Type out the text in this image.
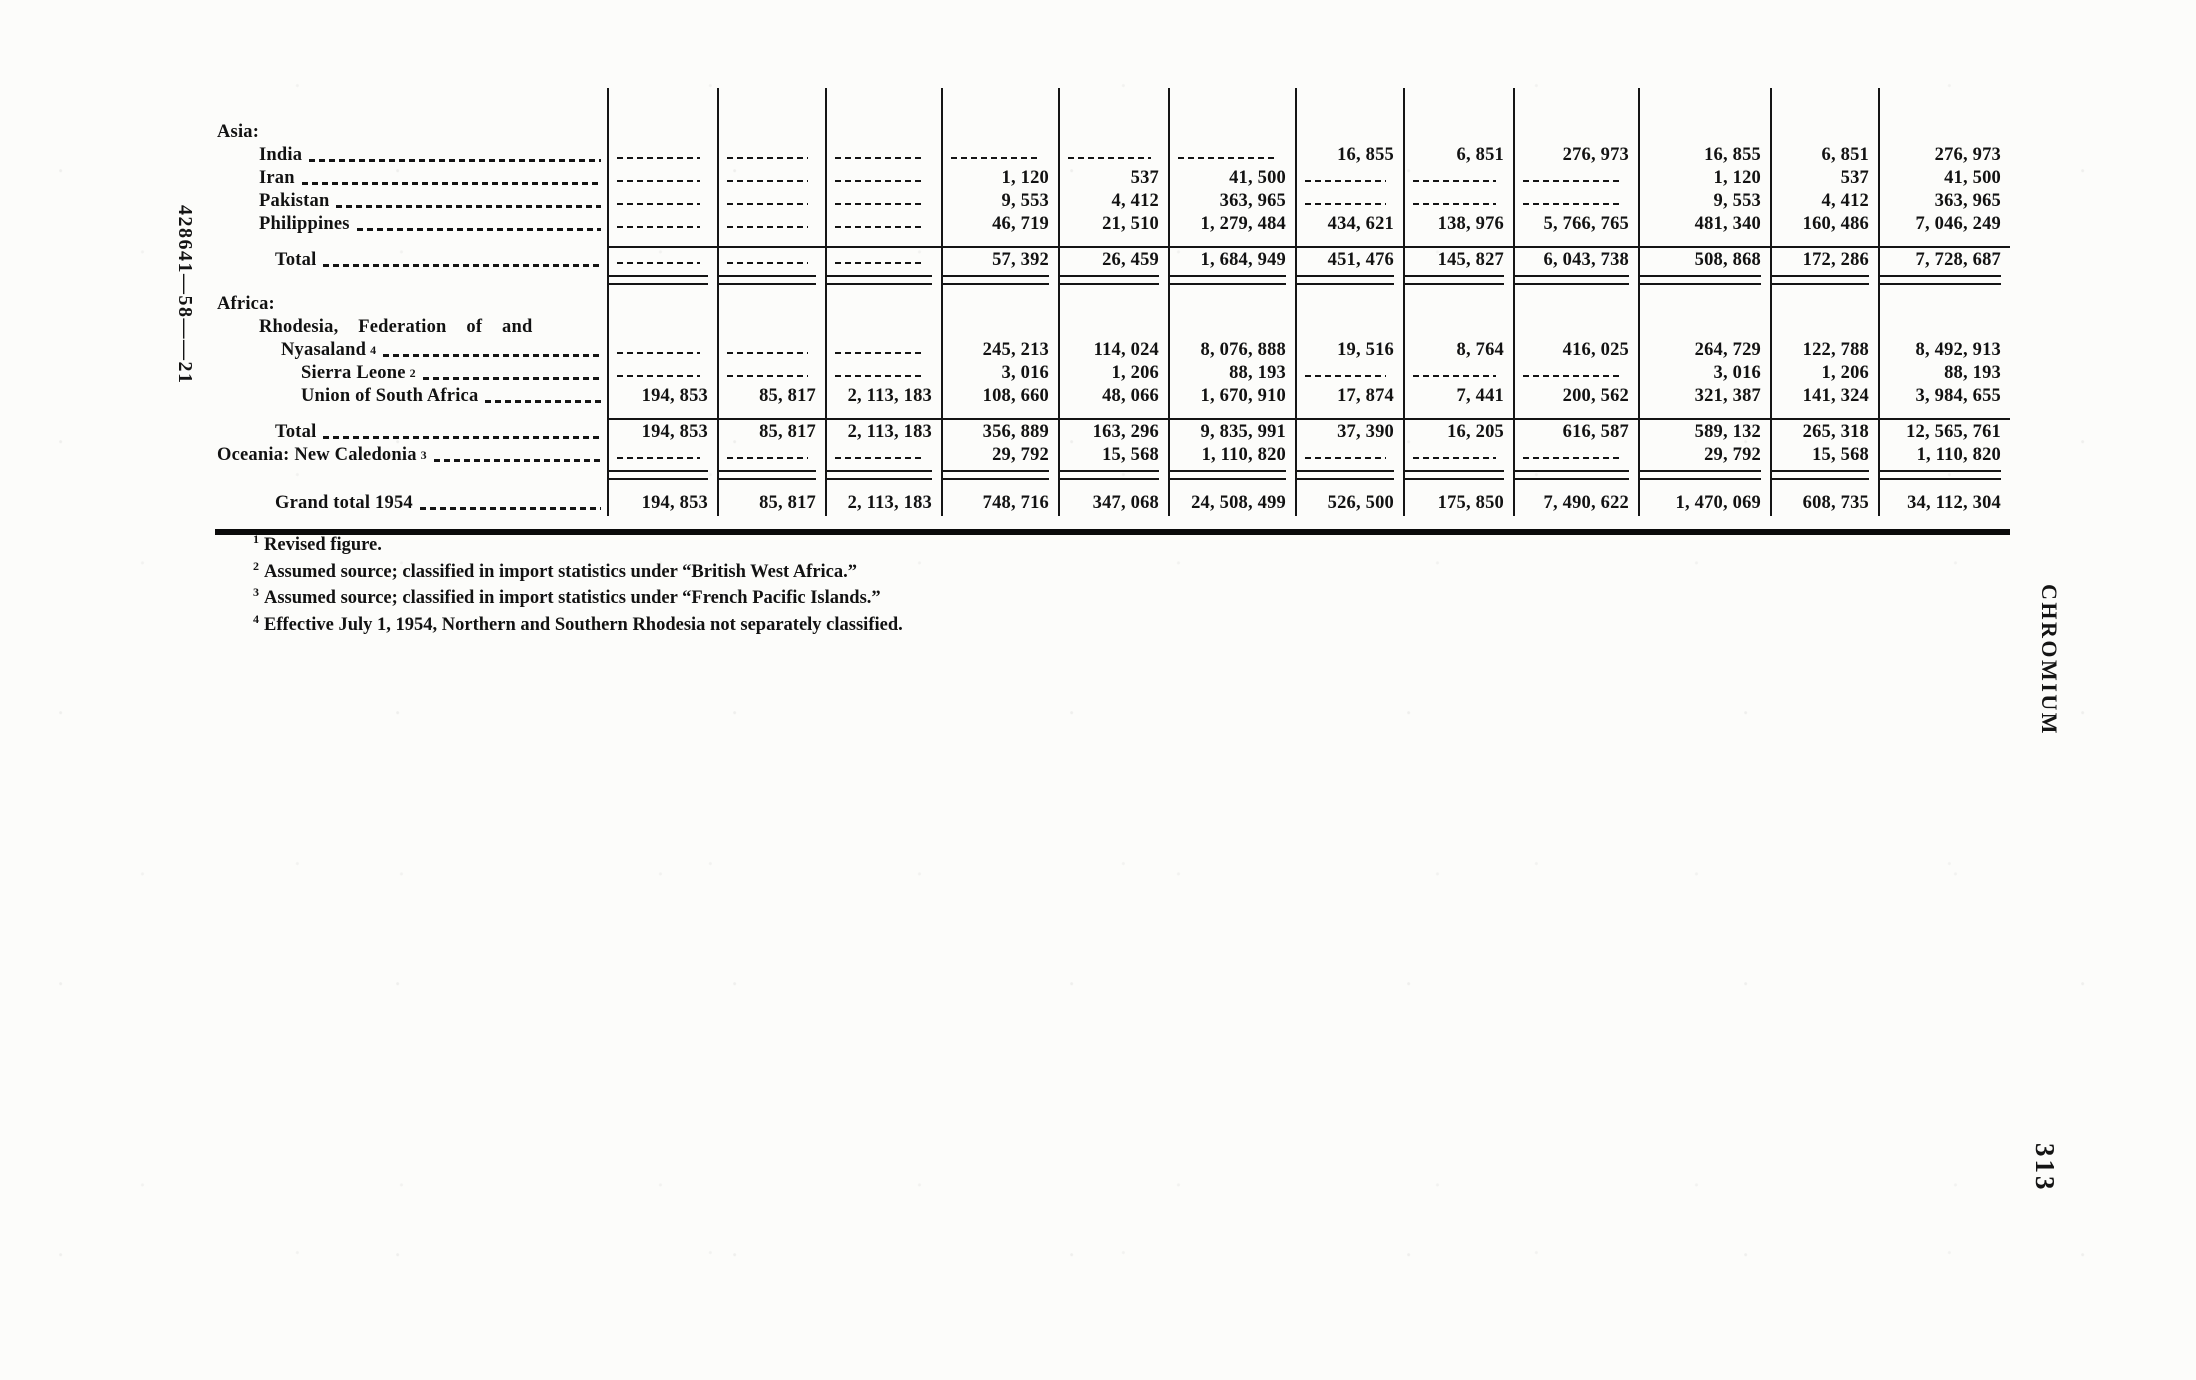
Asia:												

India							16, 855	6, 851	276, 973	16, 855	6, 851	276, 973

Iran				1, 120	537	41, 500				1, 120	537	41, 500

Pakistan				9, 553	4, 412	363, 965				9, 553	4, 412	363, 965

Philippines				46, 719	21, 510	1, 279, 484	434, 621	138, 976	5, 766, 765	481, 340	160, 486	7, 046, 249

Total				57, 392	26, 459	1, 684, 949	451, 476	145, 827	6, 043, 738	508, 868	172, 286	7, 728, 687

Africa:												

Rhodesia, Federation of and												

Nyasaland 4				245, 213	114, 024	8, 076, 888	19, 516	8, 764	416, 025	264, 729	122, 788	8, 492, 913

Sierra Leone 2				3, 016	1, 206	88, 193				3, 016	1, 206	88, 193

Union of South Africa	194, 853	85, 817	2, 113, 183	108, 660	48, 066	1, 670, 910	17, 874	7, 441	200, 562	321, 387	141, 324	3, 984, 655

Total	194, 853	85, 817	2, 113, 183	356, 889	163, 296	9, 835, 991	37, 390	16, 205	616, 587	589, 132	265, 318	12, 565, 761

Oceania: New Caledonia 3				29, 792	15, 568	1, 110, 820				29, 792	15, 568	1, 110, 820

Grand total 1954	194, 853	85, 817	2, 113, 183	748, 716	347, 068	24, 508, 499	526, 500	175, 850	7, 490, 622	1, 470, 069	608, 735	34, 112, 304
$^1$ Revised figure.
$^2$ Assumed source; classified in import statistics under “British West Africa.”
$^3$ Assumed source; classified in import statistics under “French Pacific Islands.”
$^4$ Effective July 1, 1954, Northern and Southern Rhodesia not separately classified.
428641—58——21
CHROMIUM
313
